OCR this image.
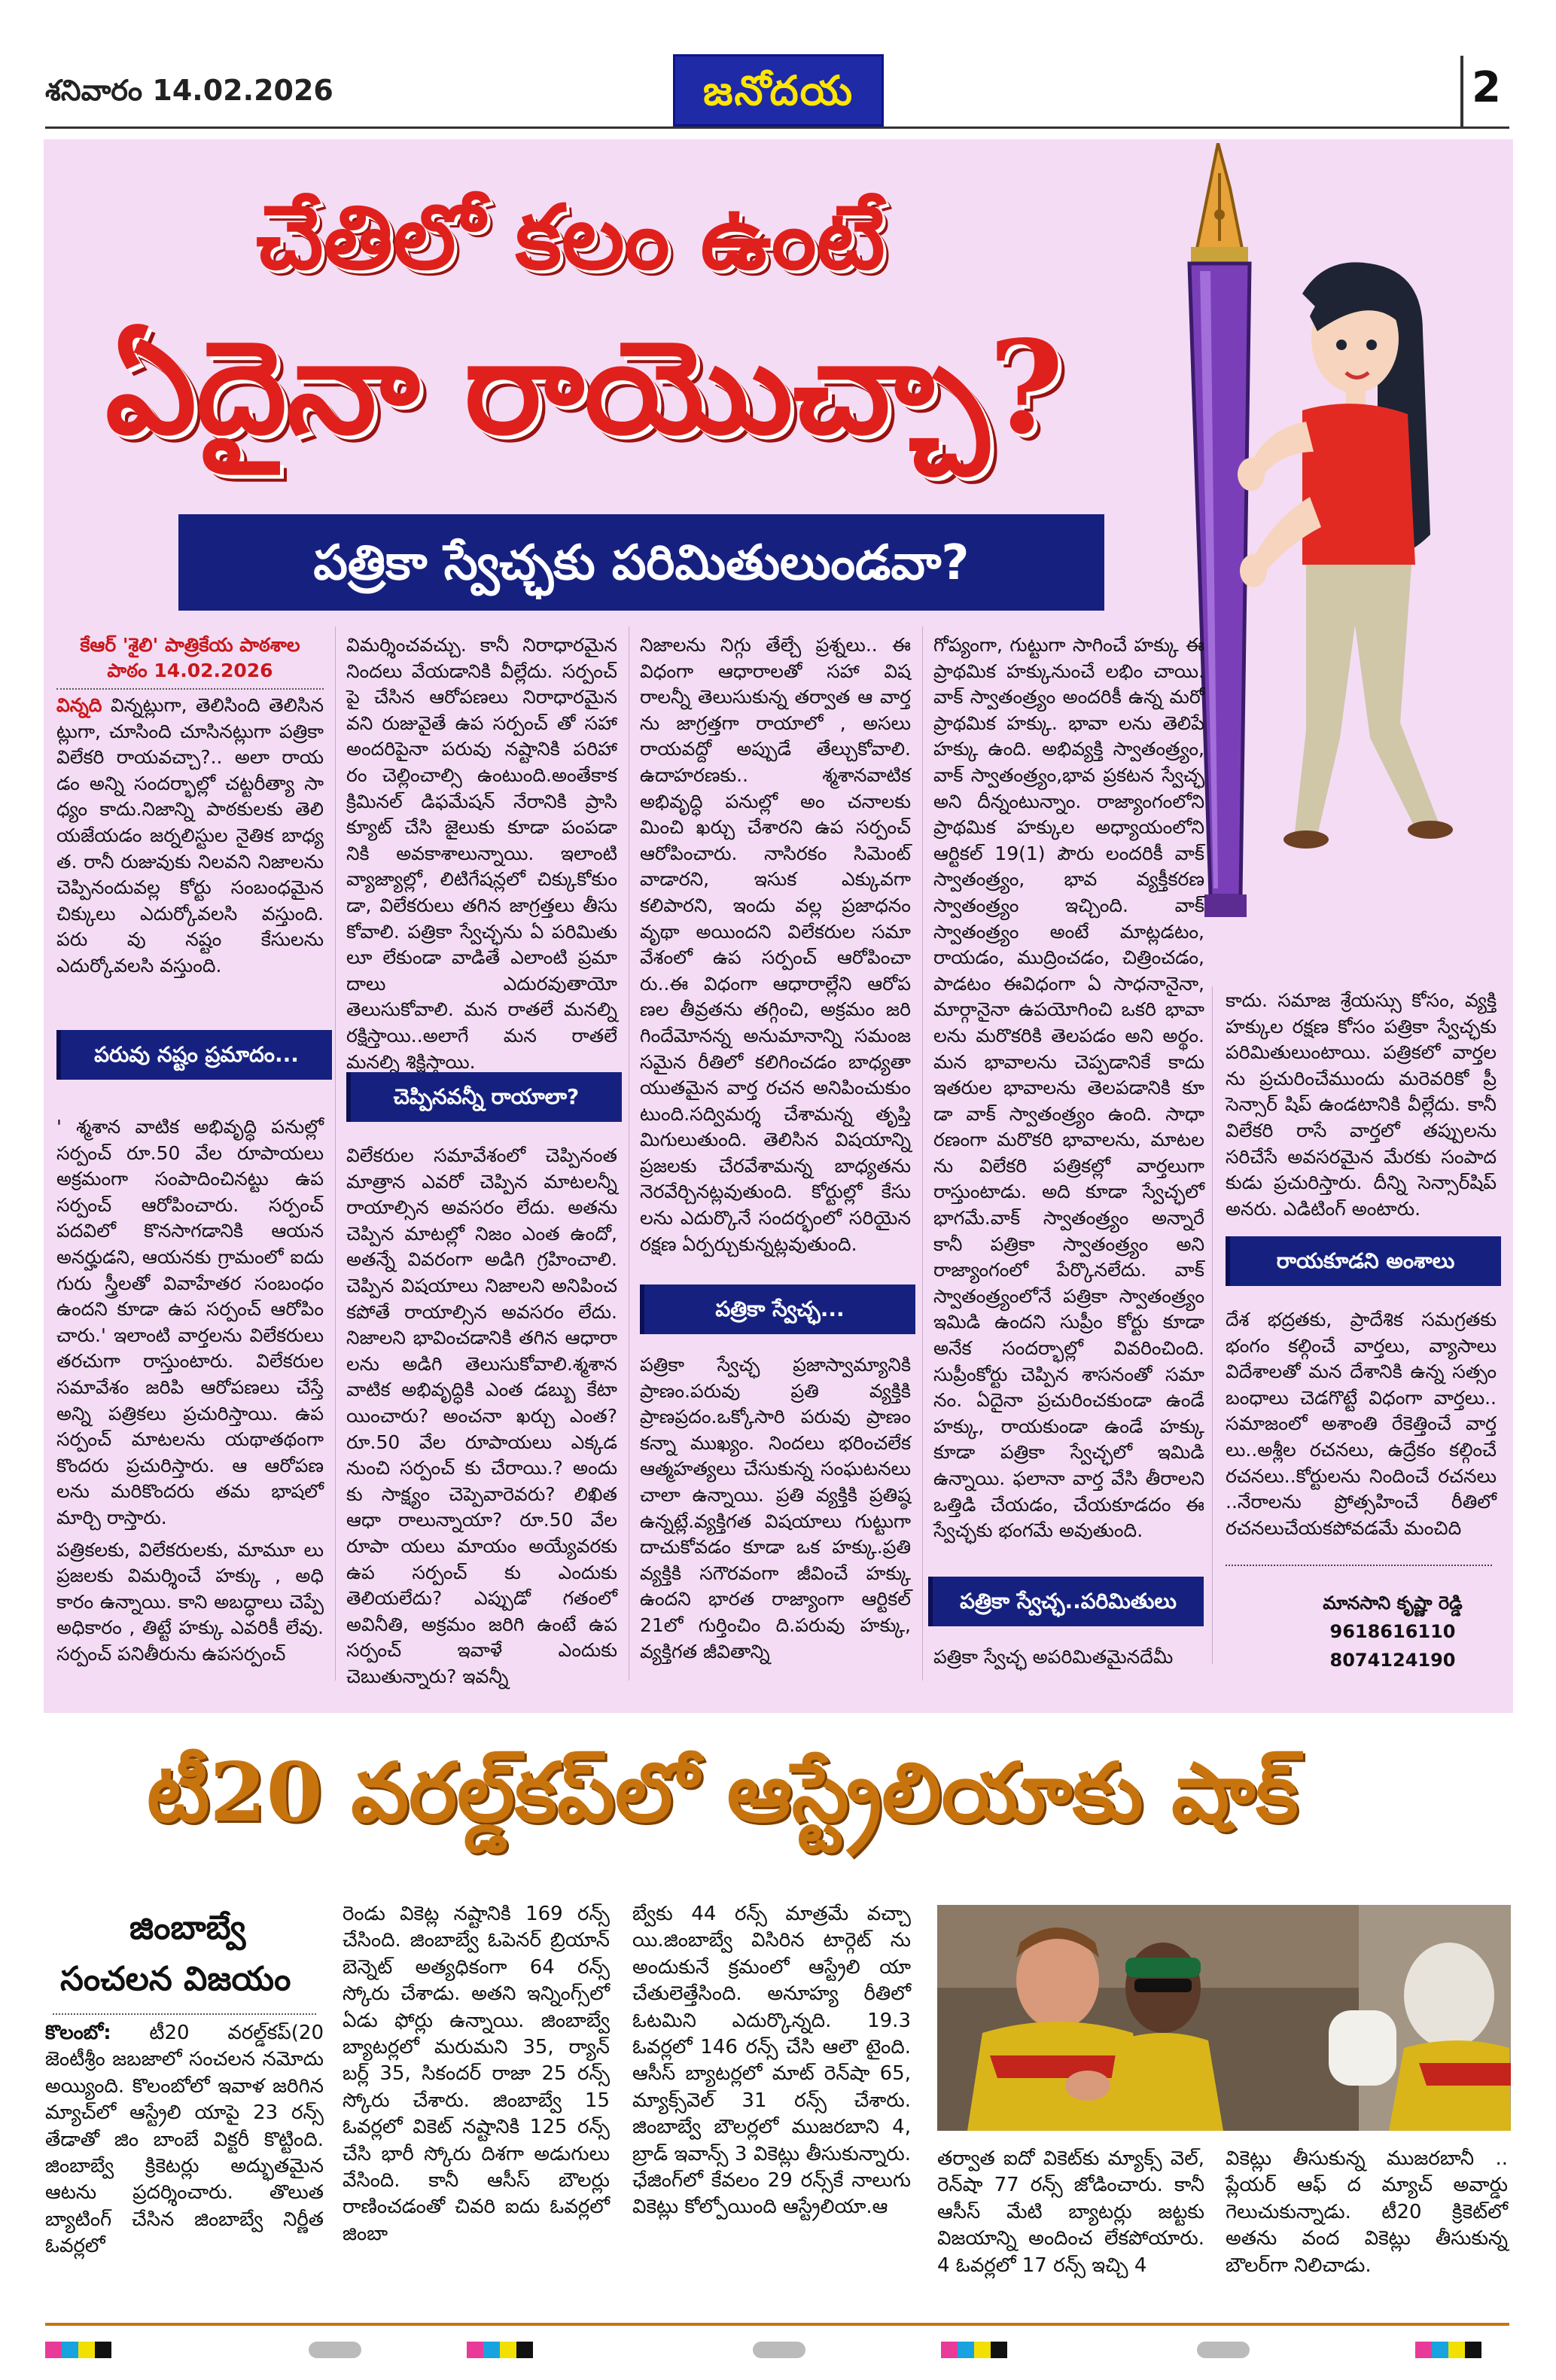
శనివారం 14.02.2026	జనోదయ	2
చేతిలో కలం ఉంటే
ఏదైనా రాయొచ్చా?
పత్రికా స్వేచ్ఛకు పరిమితులుండవా?
కేఆర్ 'శైలి' పాత్రికేయ పాఠశాల
పాఠం 14.02.2026

విన్నది విన్నట్లుగా, తెలిసింది తెలిసిన ట్లుగా, చూసింది చూసినట్లుగా పత్రికా విలేకరి రాయవచ్చా?.. అలా రాయ డం అన్ని సందర్భాల్లో చట్టరీత్యా సా ధ్యం కాదు.నిజాన్ని పాఠకులకు తెలి యజేయడం జర్నలిస్టుల నైతిక బాధ్య త. రానీ రుజువుకు నిలవని నిజాలను చెప్పినందువల్ల కోర్టు సంబంధమైన చిక్కులు ఎదుర్కోవలసి వస్తుంది. పరు వు నష్టం కేసులను ఎదుర్కోవలసి వస్తుంది.

పరువు నష్టం ప్రమాదం...

' శ్మశాన వాటిక అభివృద్ధి పనుల్లో సర్పంచ్ రూ.50 వేల రూపాయలు అక్రమంగా సంపాదించినట్టు ఉప సర్పంచ్ ఆరోపించారు. సర్పంచ్ పదవిలో కొనసాగడానికి ఆయన అనర్హుడని, ఆయనకు గ్రామంలో ఐదు గురు స్త్రీలతో వివాహేతర సంబంధం ఉందని కూడా ఉప సర్పంచ్ ఆరోపిం చారు.' ఇలాంటి వార్తలను విలేకరులు తరచుగా రాస్తుంటారు. విలేకరుల సమావేశం జరిపి ఆరోపణలు చేస్తే అన్ని పత్రికలు ప్రచురిస్తాయి. ఉప సర్పంచ్ మాటలను యథాతథంగా కొందరు ప్రచురిస్తారు. ఆ ఆరోపణ లను మరికొందరు తమ భాషలో మార్చి రాస్తారు.

పత్రికలకు, విలేకరులకు, మామూ లు ప్రజలకు విమర్శించే హక్కు , అధి కారం ఉన్నాయి. కాని అబద్ధాలు చెప్పే అధికారం , తిట్టే హక్కు ఎవరికీ లేవు. సర్పంచ్ పనితీరును ఉపసర్పంచ్

విమర్శించవచ్చు. కానీ నిరాధారమైన నిందలు వేయడానికి వీల్లేదు. సర్పంచ్ పై చేసిన ఆరోపణలు నిరాధారమైన వని రుజువైతే ఉప సర్పంచ్ తో సహా అందరిపైనా పరువు నష్టానికి పరిహా రం చెల్లించాల్సి ఉంటుంది.అంతేకాక క్రిమినల్ డిఫమేషన్ నేరానికి ప్రాసి క్యూట్ చేసి జైలుకు కూడా పంపడా నికి అవకాశాలున్నాయి. ఇలాంటి వ్యాజ్యాల్లో, లిటిగేషన్లలో చిక్కుకోకుం డా, విలేకరులు తగిన జాగ్రత్తలు తీసు కోవాలి. పత్రికా స్వేచ్ఛను ఏ పరిమితు లూ లేకుండా వాడితే ఎలాంటి ప్రమా దాలు ఎదురవుతాయో తెలుసుకోవాలి. మన రాతలే మనల్ని రక్షిస్తాయి..అలాగే మన రాతలే మనల్ని శిక్షిస్తాయి.

చెప్పినవన్నీ రాయాలా?

విలేకరుల సమావేశంలో చెప్పినంత మాత్రాన ఎవరో చెప్పిన మాటలన్నీ రాయాల్సిన అవసరం లేదు. అతను చెప్పిన మాటల్లో నిజం ఎంత ఉందో, అతన్నే వివరంగా అడిగి గ్రహించాలి. చెప్పిన విషయాలు నిజాలని అనిపించ కపోతే రాయాల్సిన అవసరం లేదు. నిజాలని భావించడానికి తగిన ఆధారా లను అడిగి తెలుసుకోవాలి.శ్మశాన వాటిక అభివృద్ధికి ఎంత డబ్బు కేటా యించారు? అంచనా ఖర్చు ఎంత? రూ.50 వేల రూపాయలు ఎక్కడ నుంచి సర్పంచ్ కు చేరాయి.? అందు కు సాక్ష్యం చెప్పెవారెవరు? లిఖిత ఆధా రాలున్నాయా? రూ.50 వేల రూపా యలు మాయం అయ్యేవరకు ఉప సర్పంచ్ కు ఎందుకు తెలియలేదు? ఎప్పుడో గతంలో అవినీతి, అక్రమం జరిగి ఉంటే ఉప సర్పంచ్ ఇవాళే ఎందుకు చెబుతున్నారు? ఇవన్నీ

నిజాలను నిగ్గు తేల్చే ప్రశ్నలు.. ఈ విధంగా ఆధారాలతో సహా విష రాలన్నీ తెలుసుకున్న తర్వాత ఆ వార్త ను జాగ్రత్తగా రాయాలో , అసలు రాయవద్దో అప్పుడే తేల్చుకోవాలి. ఉదాహరణకు.. శ్మశానవాటిక అభివృద్ధి పనుల్లో అం చనాలకు మించి ఖర్చు చేశారని ఉప సర్పంచ్ ఆరోపించారు. నాసిరకం సిమెంట్ వాడారని, ఇసుక ఎక్కువగా కలిపారని, ఇందు వల్ల ప్రజాధనం వృథా అయిందని విలేకరుల సమా వేశంలో ఉప సర్పంచ్ ఆరోపించా రు..ఈ విధంగా ఆధారాల్లేని ఆరోప ణల తీవ్రతను తగ్గించి, అక్రమం జరి గిందేమోనన్న అనుమానాన్ని సమంజ సమైన రీతిలో కలిగించడం బాధ్యతా యుతమైన వార్త రచన అనిపించుకుం టుంది.సద్విమర్శ చేశామన్న తృప్తి మిగులుతుంది. తెలిసిన విషయాన్ని ప్రజలకు చేరవేశామన్న బాధ్యతను నెరవేర్చినట్లవుతుంది. కోర్టుల్లో కేసు లను ఎదుర్కొనే సందర్భంలో సరియైన రక్షణ ఏర్పర్చుకున్నట్లవుతుంది.

పత్రికా స్వేచ్ఛ...

పత్రికా స్వేచ్ఛ ప్రజాస్వామ్యానికి ప్రాణం.పరువు ప్రతి వ్యక్తికి ప్రాణప్రదం.ఒక్కోసారి పరువు ప్రాణం కన్నా ముఖ్యం. నిందలు భరించలేక ఆత్మహత్యలు చేసుకున్న సంఘటనలు చాలా ఉన్నాయి. ప్రతి వ్యక్తికి ప్రతిష్ఠ ఉన్నట్లే.వ్యక్తిగత విషయాలు గుట్టుగా దాచుకోవడం కూడా ఒక హక్కు.ప్రతి వ్యక్తికి సగౌరవంగా జీవించే హక్కు ఉందని భారత రాజ్యాంగా ఆర్టికల్ 21లో గుర్తించిం ది.పరువు హక్కు, వ్యక్తిగత జీవితాన్ని

గోప్యంగా, గుట్టుగా సాగించే హక్కు ఈ ప్రాథమిక హక్కునుంచే లభిం చాయి. వాక్ స్వాతంత్ర్యం అందరికీ ఉన్న మరో ప్రాథమిక హక్కు. భావా లను తెలిపే హక్కు ఉంది. అభివ్యక్తి స్వాతంత్ర్యం, వాక్ స్వాతంత్ర్యం,భావ ప్రకటన స్వేచ్ఛ అని దీన్నంటున్నాం. రాజ్యాంగంలోని ప్రాథమిక హక్కుల అధ్యాయంలోని ఆర్టికల్ 19(1) పౌరు లందరికీ వాక్ స్వాతంత్ర్యం, భావ వ్యక్తీకరణ స్వాతంత్ర్యం ఇచ్చింది. వాక్ స్వాతంత్ర్యం అంటే మాట్లడటం, రాయడం, ముద్రించడం, చిత్రించడం, పాడటం ఈవిధంగా ఏ సాధనానైనా, మార్గానైనా ఉపయోగించి ఒకరి భావా లను మరొకరికి తెలపడం అని అర్థం. మన భావాలను చెప్పడానికే కాదు ఇతరుల భావాలను తెలపడానికి కూ డా వాక్ స్వాతంత్ర్యం ఉంది. సాధా రణంగా మరొకరి భావాలను, మాటల ను విలేకరి పత్రికల్లో వార్తలుగా రాస్తుంటాడు. అది కూడా స్వేచ్ఛలో భాగమే.వాక్ స్వాతంత్ర్యం అన్నారే కానీ పత్రికా స్వాతంత్ర్యం అని రాజ్యాంగంలో పేర్కొనలేదు. వాక్ స్వాతంత్ర్యంలోనే పత్రికా స్వాతంత్ర్యం ఇమిడి ఉందని సుప్రీం కోర్టు కూడా అనేక సందర్భాల్లో వివరించింది. సుప్రీంకోర్టు చెప్పిన శాసనంతో సమా నం. ఏదైనా ప్రచురించకుండా ఉండే హక్కు, రాయకుండా ఉండే హక్కు కూడా పత్రికా స్వేచ్ఛలో ఇమిడి ఉన్నాయి. ఫలానా వార్త వేసి తీరాలని ఒత్తిడి చేయడం, చేయకూడదం ఈ స్వేచ్ఛకు భంగమే అవుతుంది.

పత్రికా స్వేచ్ఛ..పరిమితులు

పత్రికా స్వేచ్ఛ అపరిమితమైనదేమీ

కాదు. సమాజ శ్రేయస్సు కోసం, వ్యక్తి హక్కుల రక్షణ కోసం పత్రికా స్వేచ్ఛకు పరిమితులుంటాయి. పత్రికలో వార్తల ను ప్రచురించేముందు మరెవరికో ప్రీ సెన్సార్ షిప్ ఉండటానికి వీల్లేదు. కానీ విలేకరి రాసే వార్తలో తప్పులను సరిచేసే అవసరమైన మేరకు సంపాద కుడు ప్రచురిస్తారు. దీన్ని సెన్సార్‌షిప్ అనరు. ఎడిటింగ్ అంటారు.

రాయకూడని అంశాలు

దేశ భద్రతకు, ప్రాదేశిక సమగ్రతకు భంగం కల్గించే వార్తలు, వ్యాసాలు విదేశాలతో మన దేశానికి ఉన్న సత్సం బంధాలు చెడగొట్టే విధంగా వార్తలు.. సమాజంలో అశాంతి రేకెత్తించే వార్త లు..అశ్లీల రచనలు, ఉద్రేకం కల్గించే రచనలు..కోర్టులను నిందించే రచనలు ..నేరాలను ప్రోత్సహించే రీతిలో రచనలుచేయకపోవడమే మంచిది

మానసాని కృష్ణా రెడ్డి
9618616110
8074124190
టీ20 వరల్డ్‌కప్‌లో ఆస్ట్రేలియాకు షాక్
జింబాబ్వే
సంచలన విజయం

కొలంబో: టీ20 వరల్డ్‌కప్(20 జెంటీశ్రీం జబజాలో సంచలన నమోదు అయ్యింది. కొలంబోలో ఇవాళ జరిగిన మ్యాచ్‌లో ఆస్ట్రేలి యాపై 23 రన్స్ తేడాతో జిం బాంబే విక్టరీ కొట్టింది. జింబాబ్వే క్రికెటర్లు అద్భుతమైన ఆటను ప్రదర్శించారు. తొలుత బ్యాటింగ్ చేసిన జింబాబ్వే నిర్ణీత ఓవర్లలో

రెండు వికెట్ల నష్టానికి 169 రన్స్ చేసింది. జింబాబ్వే ఓపెనర్ బ్రియాన్ బెన్నెట్ అత్యధికంగా 64 రన్స్ స్కోరు చేశాడు. అతని ఇన్నింగ్స్‌లో ఏడు ఫోర్లు ఉన్నాయి. జింబాబ్వే బ్యాటర్లలో మరుమని 35, ర్యాన్ బర్ల్ 35, సికందర్ రాజా 25 రన్స్ స్కోరు చేశారు. జింబాబ్వే 15 ఓవర్లలో వికెట్ నష్టానికి 125 రన్స్ చేసి భారీ స్కోరు దిశగా అడుగులు వేసింది. కానీ ఆసీస్ బౌలర్లు రాణించడంతో చివరి ఐదు ఓవర్లలో జింబా

బ్వేకు 44 రన్స్ మాత్రమే వచ్చా యి.జింబాబ్వే విసిరిన టార్గెట్ ను అందుకునే క్రమంలో ఆస్ట్రేలి యా చేతులెత్తేసింది. అనూహ్య రీతిలో ఓటమిని ఎదుర్కొన్నది. 19.3 ఓవర్లలో 146 రన్స్ చేసి ఆలౌ టైంది. ఆసీస్ బ్యాటర్లలో మాట్ రెన్‌షా 65, మ్యాక్స్‌వెల్ 31 రన్స్ చేశారు. జింబాబ్వే బౌలర్లలో ముజరబాని 4, బ్రాడ్ ఇవాన్స్ 3 వికెట్లు తీసుకున్నారు. ఛేజింగ్‌లో కేవలం 29 రన్స్‌కే నాలుగు వికెట్లు కోల్పోయింది ఆస్ట్రేలియా.ఆ

తర్వాత ఐదో వికెట్‌కు మ్యాక్స్ వెల్, రెన్‌షా 77 రన్స్ జోడించారు. కానీ ఆసీస్ మేటి బ్యాటర్లు జట్టకు విజయాన్ని అందించ లేకపోయారు. 4 ఓవర్లలో 17 రన్స్ ఇచ్చి 4

వికెట్లు తీసుకున్న ముజరబానీ .. ప్లేయర్ ఆఫ్ ద మ్యాచ్ అవార్డు గెలుచుకున్నాడు. టీ20 క్రికెట్‌లో అతను వంద వికెట్లు తీసుకున్న బౌలర్‌గా నిలిచాడు.
